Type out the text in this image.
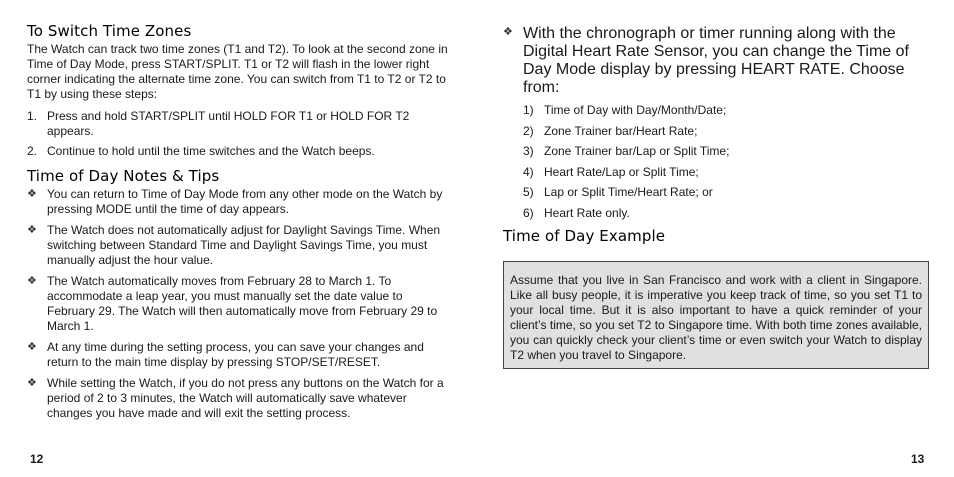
To Switch Time Zones

The Watch can track two time zones (T1 and T2). To look at the second zone in Time of Day Mode, press START/SPLIT. T1 or T2 will flash in the lower right corner indicating the alternate time zone. You can switch from T1 to T2 or T2 to T1 by using these steps:

1. Press and hold START/SPLIT until HOLD FOR T1 or HOLD FOR T2 appears.
2. Continue to hold until the time switches and the Watch beeps.
Time of Day Notes & Tips
❖ You can return to Time of Day Mode from any other mode on the Watch by pressing MODE until the time of day appears.
❖ The Watch does not automatically adjust for Daylight Savings Time. When switching between Standard Time and Daylight Savings Time, you must manually adjust the hour value.
❖ The Watch automatically moves from February 28 to March 1. To accommodate a leap year, you must manually set the date value to February 29. The Watch will then automatically move from February 29 to March 1.
❖ At any time during the setting process, you can save your changes and return to the main time display by pressing STOP/SET/RESET.
❖ While setting the Watch, if you do not press any buttons on the Watch for a period of 2 to 3 minutes, the Watch will automatically save whatever changes you have made and will exit the setting process.
❖ With the chronograph or timer running along with the Digital Heart Rate Sensor, you can change the Time of Day Mode display by pressing HEART RATE. Choose from:
1) Time of Day with Day/Month/Date;
2) Zone Trainer bar/Heart Rate;
3) Zone Trainer bar/Lap or Split Time;
4) Heart Rate/Lap or Split Time;
5) Lap or Split Time/Heart Rate; or
6) Heart Rate only.
Time of Day Example

Assume that you live in San Francisco and work with a client in Singapore. Like all busy people, it is imperative you keep track of time, so you set T1 to your local time. But it is also important to have a quick reminder of your client’s time, so you set T2 to Singapore time. With both time zones available, you can quickly check your client’s time or even switch your Watch to display T2 when you travel to Singapore.

12	13
